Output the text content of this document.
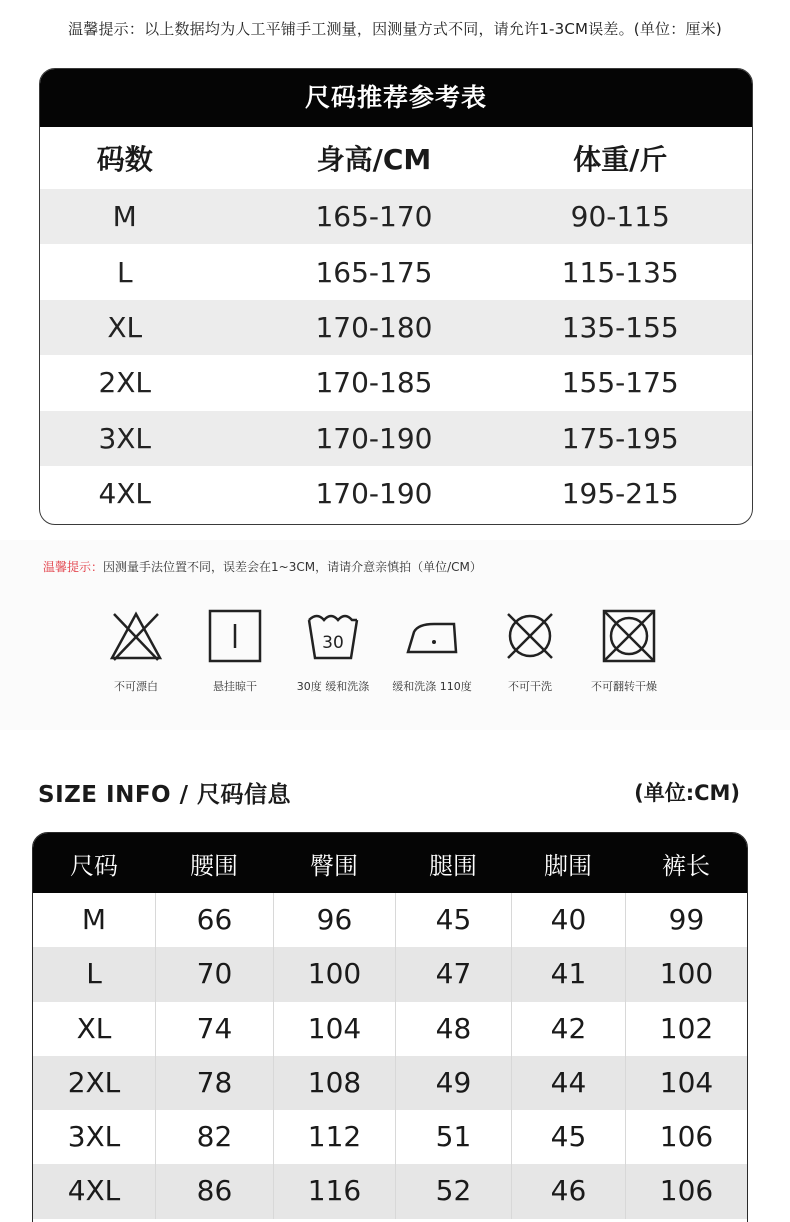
温馨提示：以上数据均为人工平铺手工测量，因测量方式不同，请允许1-3CM误差。(单位：厘米)
尺码推荐参考表
码数	身高/CM	体重/斤
M	165-170	90-115
L	165-175	115-135
XL	170-180	135-155
2XL	170-185	155-175
3XL	170-190	175-195
4XL	170-190	195-215
温馨提示：因测量手法位置不同，误差会在1~3CM，请请介意亲慎拍（单位/CM）
不可漂白	悬挂晾干
30
30度 缓和洗涤	缓和洗涤 110度	不可干洗	不可翻转干燥
SIZE INFO / 尺码信息	(单位:CM)
尺码	腰围	臀围	腿围	脚围	裤长
M	66	96	45	40	99
L	70	100	47	41	100
XL	74	104	48	42	102
2XL	78	108	49	44	104
3XL	82	112	51	45	106
4XL	86	116	52	46	106
